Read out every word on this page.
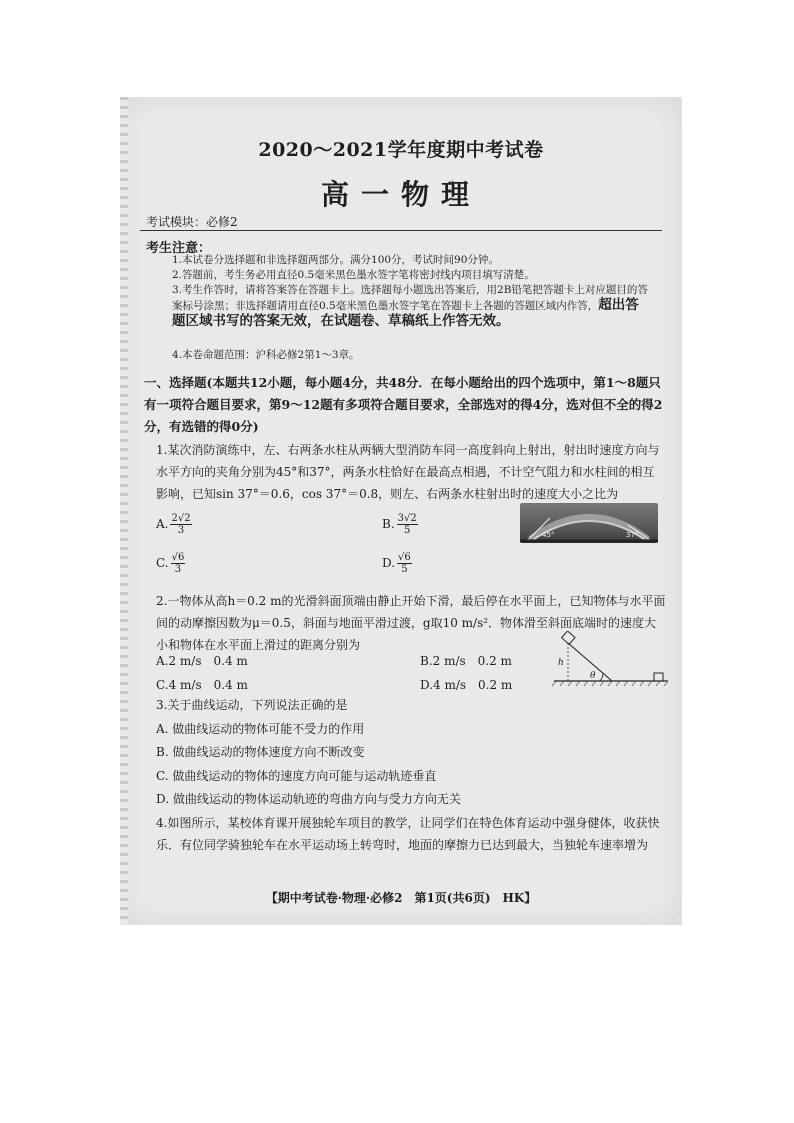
2020～2021学年度期中考试卷
高一物理
考试模块：必修2
考生注意：
1.本试卷分选择题和非选择题两部分。满分100分，考试时间90分钟。
2.答题前，考生务必用直径0.5毫米黑色墨水签字笔将密封线内项目填写清楚。
3.考生作答时，请将答案答在答题卡上。选择题每小题选出答案后，用2B铅笔把答题卡上对应题目的答案标号涂黑；非选择题请用直径0.5毫米黑色墨水签字笔在答题卡上各题的答题区域内作答，超出答题区域书写的答案无效，在试题卷、草稿纸上作答无效。
4.本卷命题范围：沪科必修2第1～3章。
一、选择题(本题共12小题，每小题4分，共48分．在每小题给出的四个选项中，第1～8题只有一项符合题目要求，第9～12题有多项符合题目要求，全部选对的得4分，选对但不全的得2分，有选错的得0分)
1.某次消防演练中，左、右两条水柱从两辆大型消防车同一高度斜向上射出，射出时速度方向与水平方向的夹角分别为45°和37°，两条水柱恰好在最高点相遇，不计空气阻力和水柱间的相互影响，已知sin 37°＝0.6，cos 37°＝0.8，则左、右两条水柱射出时的速度大小之比为
A. $\frac{2√2}{3}$	B. $\frac{3√2}{5}$
C. $\frac{√6}{3}$	D. $\frac{√6}{5}$
45°	37°
2.一物体从高h＝0.2 m的光滑斜面顶端由静止开始下滑，最后停在水平面上，已知物体与水平面间的动摩擦因数为μ＝0.5，斜面与地面平滑过渡，g取10 m/s²．物体滑至斜面底端时的速度大小和物体在水平面上滑过的距离分别为
A.2 m/s　0.4 m	B.2 m/s　0.2 m
C.4 m/s　0.4 m	D.4 m/s　0.2 m
h
θ
3.关于曲线运动，下列说法正确的是
A. 做曲线运动的物体可能不受力的作用
B. 做曲线运动的物体速度方向不断改变
C. 做曲线运动的物体的速度方向可能与运动轨迹垂直
D. 做曲线运动的物体运动轨迹的弯曲方向与受力方向无关
4.如图所示，某校体育课开展独轮车项目的教学，让同学们在特色体育运动中强身健体，收获快乐．有位同学骑独轮车在水平运动场上转弯时，地面的摩擦力已达到最大，当独轮车速率增为
【期中考试卷·物理·必修2　第1页(共6页)　HK】
